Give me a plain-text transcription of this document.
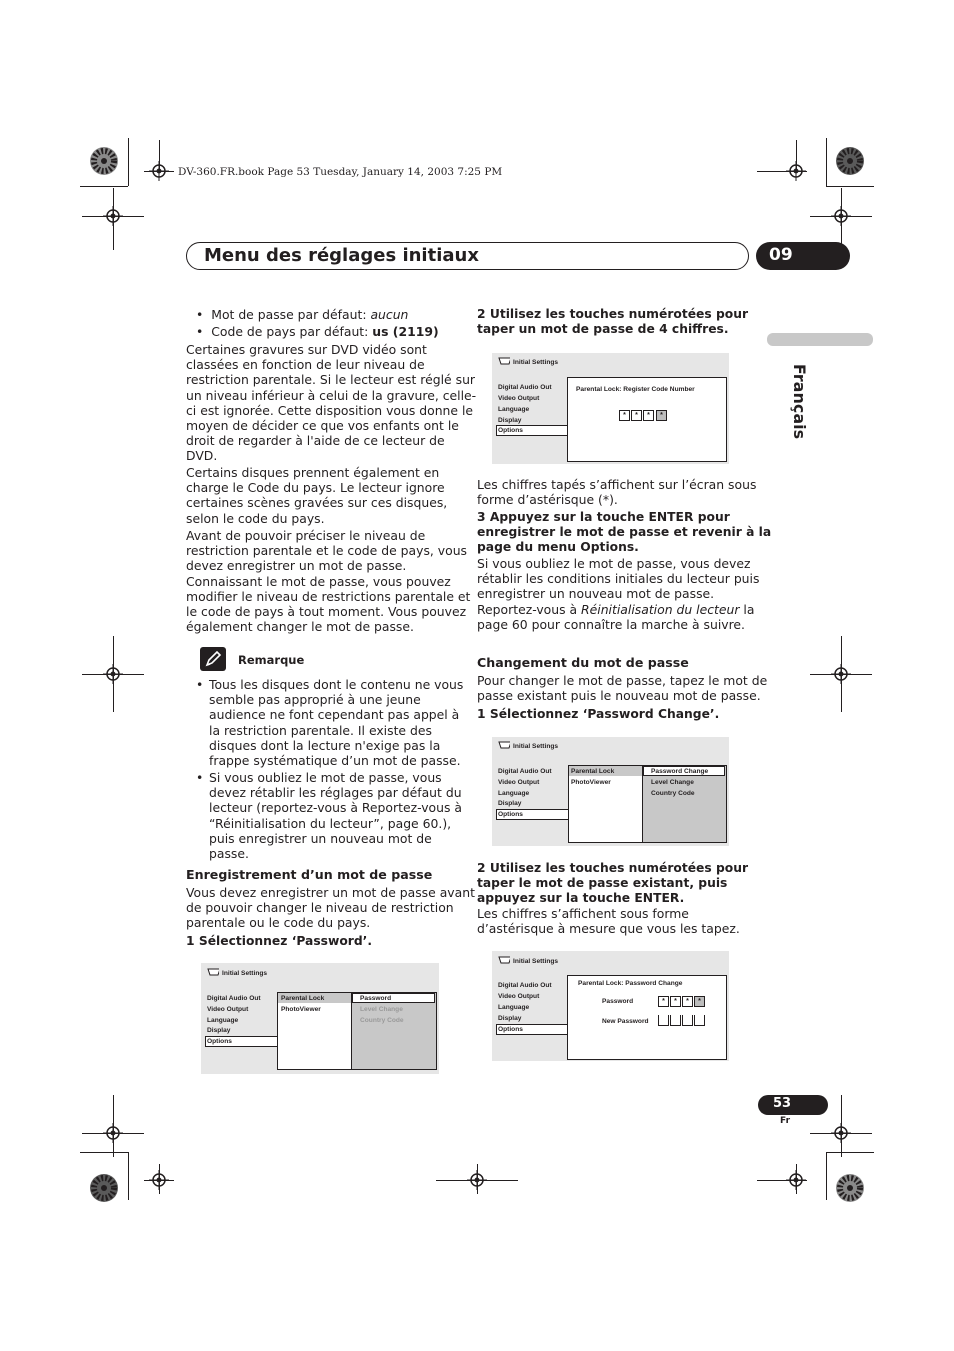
DV-360.FR.book Page 53 Tuesday, January 14, 2003 7:25 PM
Menu des réglages initiaux	09
Français
• Mot de passe par défaut: aucun
• Code de pays par défaut: us (2119)

Certaines gravures sur DVD vidéo sont

classées en fonction de leur niveau de

restriction parentale. Si le lecteur est réglé sur

un niveau inférieur à celui de la gravure, celle-

ci est ignorée. Cette disposition vous donne le

moyen de décider ce que vos enfants ont le

droit de regarder à l'aide de ce lecteur de

DVD.

Certains disques prennent également en

charge le Code du pays. Le lecteur ignore

certaines scènes gravées sur ces disques,

selon le code du pays.

Avant de pouvoir préciser le niveau de

restriction parentale et le code de pays, vous

devez enregistrer un mot de passe.

Connaissant le mot de passe, vous pouvez

modifier le niveau de restrictions parentale et

le code de pays à tout moment. Vous pouvez

également changer le mot de passe.

Remarque
• Tous les disques dont le contenu ne vous

semble pas approprié à une jeune

audience ne font cependant pas appel à

la restriction parentale. Il existe des

disques dont la lecture n'exige pas la

frappe systématique d’un mot de passe.

• Si vous oubliez le mot de passe, vous

devez rétablir les réglages par défaut du

lecteur (reportez-vous à Reportez-vous à

“Réinitialisation du lecteur”, page 60.),

puis enregistrer un nouveau mot de

passe.

Enregistrement d’un mot de passe

Vous devez enregistrer un mot de passe avant

de pouvoir changer le niveau de restriction

parentale ou le code du pays.

1 Sélectionnez ‘Password’.
Initial Settings
Digital Audio Out
Video Output
Language
Display
Options
Parental Lock
PhotoViewer
Password
Level Change
Country Code

2 Utilisez les touches numérotées pour

taper un mot de passe de 4 chiffres.

Initial Settings
Digital Audio Out
Video Output
Language
Display
Options
Parental Lock: Register Code Number
*	*	*	*

Les chiffres tapés s’affichent sur l’écran sous

forme d’astérisque (*).

3 Appuyez sur la touche ENTER pour

enregistrer le mot de passe et revenir à la

page du menu Options.

Si vous oubliez le mot de passe, vous devez

rétablir les conditions initiales du lecteur puis

enregistrer un nouveau mot de passe.

Reportez-vous à Réinitialisation du lecteur la

page 60 pour connaître la marche à suivre.

Changement du mot de passe

Pour changer le mot de passe, tapez le mot de

passe existant puis le nouveau mot de passe.

1 Sélectionnez ‘Password Change’.
Initial Settings
Digital Audio Out
Video Output
Language
Display
Options
Parental Lock
PhotoViewer
Password Change
Level Change
Country Code

2 Utilisez les touches numérotées pour

taper le mot de passe existant, puis

appuyez sur la touche ENTER.

Les chiffres s’affichent sous forme

d’astérisque à mesure que vous les tapez.

Initial Settings
Digital Audio Out
Video Output
Language
Display
Options
Parental Lock: Password Change
Password	*	*	*	*
New Password
53
Fr
